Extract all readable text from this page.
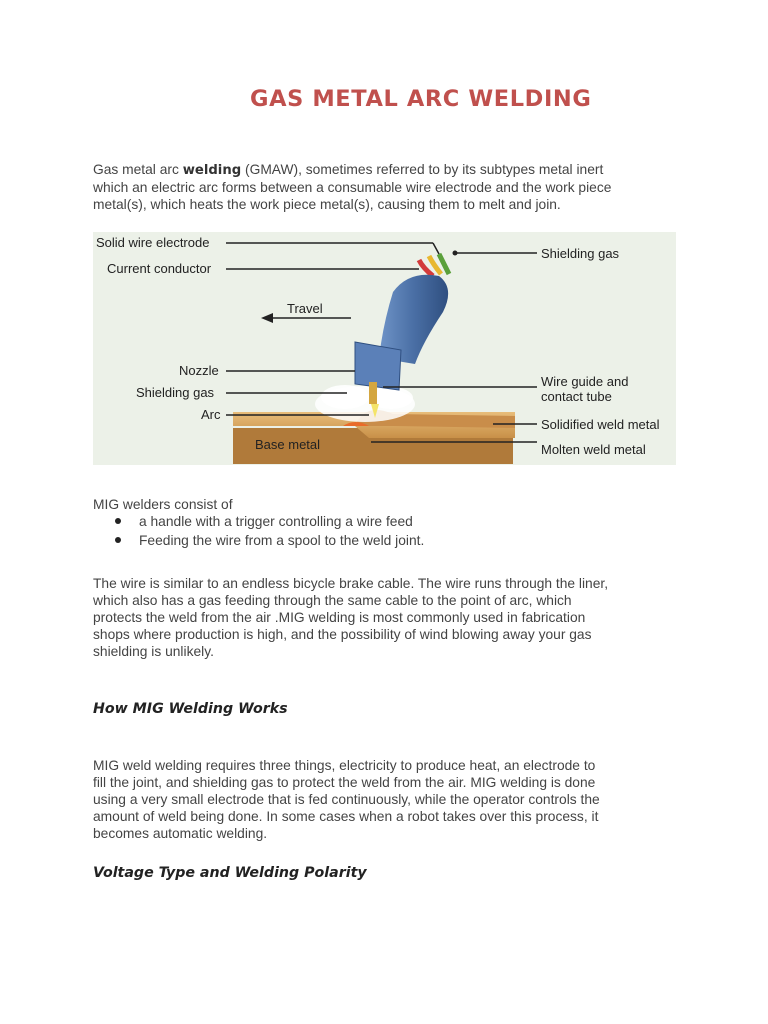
GAS METAL ARC WELDING
Gas metal arc welding (GMAW), sometimes referred to by its subtypes metal inert
which an electric arc forms between a consumable wire electrode and the work piece
metal(s), which heats the work piece metal(s), causing them to melt and join.
Solid wire electrode
Current conductor
Travel
Nozzle
Shielding gas
Arc
Base metal
Shielding gas
Wire guide and
contact tube
Solidified weld metal
Molten weld metal

MIG welders consist of

a handle with a trigger controlling a wire feed
Feeding the wire from a spool to the weld joint.
The wire is similar to an endless bicycle brake cable. The wire runs through the liner,
which also has a gas feeding through the same cable to the point of arc, which
protects the weld from the air .MIG welding is most commonly used in fabrication
shops where production is high, and the possibility of wind blowing away your gas
shielding is unlikely.
How MIG Welding Works
MIG weld welding requires three things, electricity to produce heat, an electrode to
fill the joint, and shielding gas to protect the weld from the air. MIG welding is done
using a very small electrode that is fed continuously, while the operator controls the
amount of weld being done. In some cases when a robot takes over this process, it
becomes automatic welding.
Voltage Type and Welding Polarity
